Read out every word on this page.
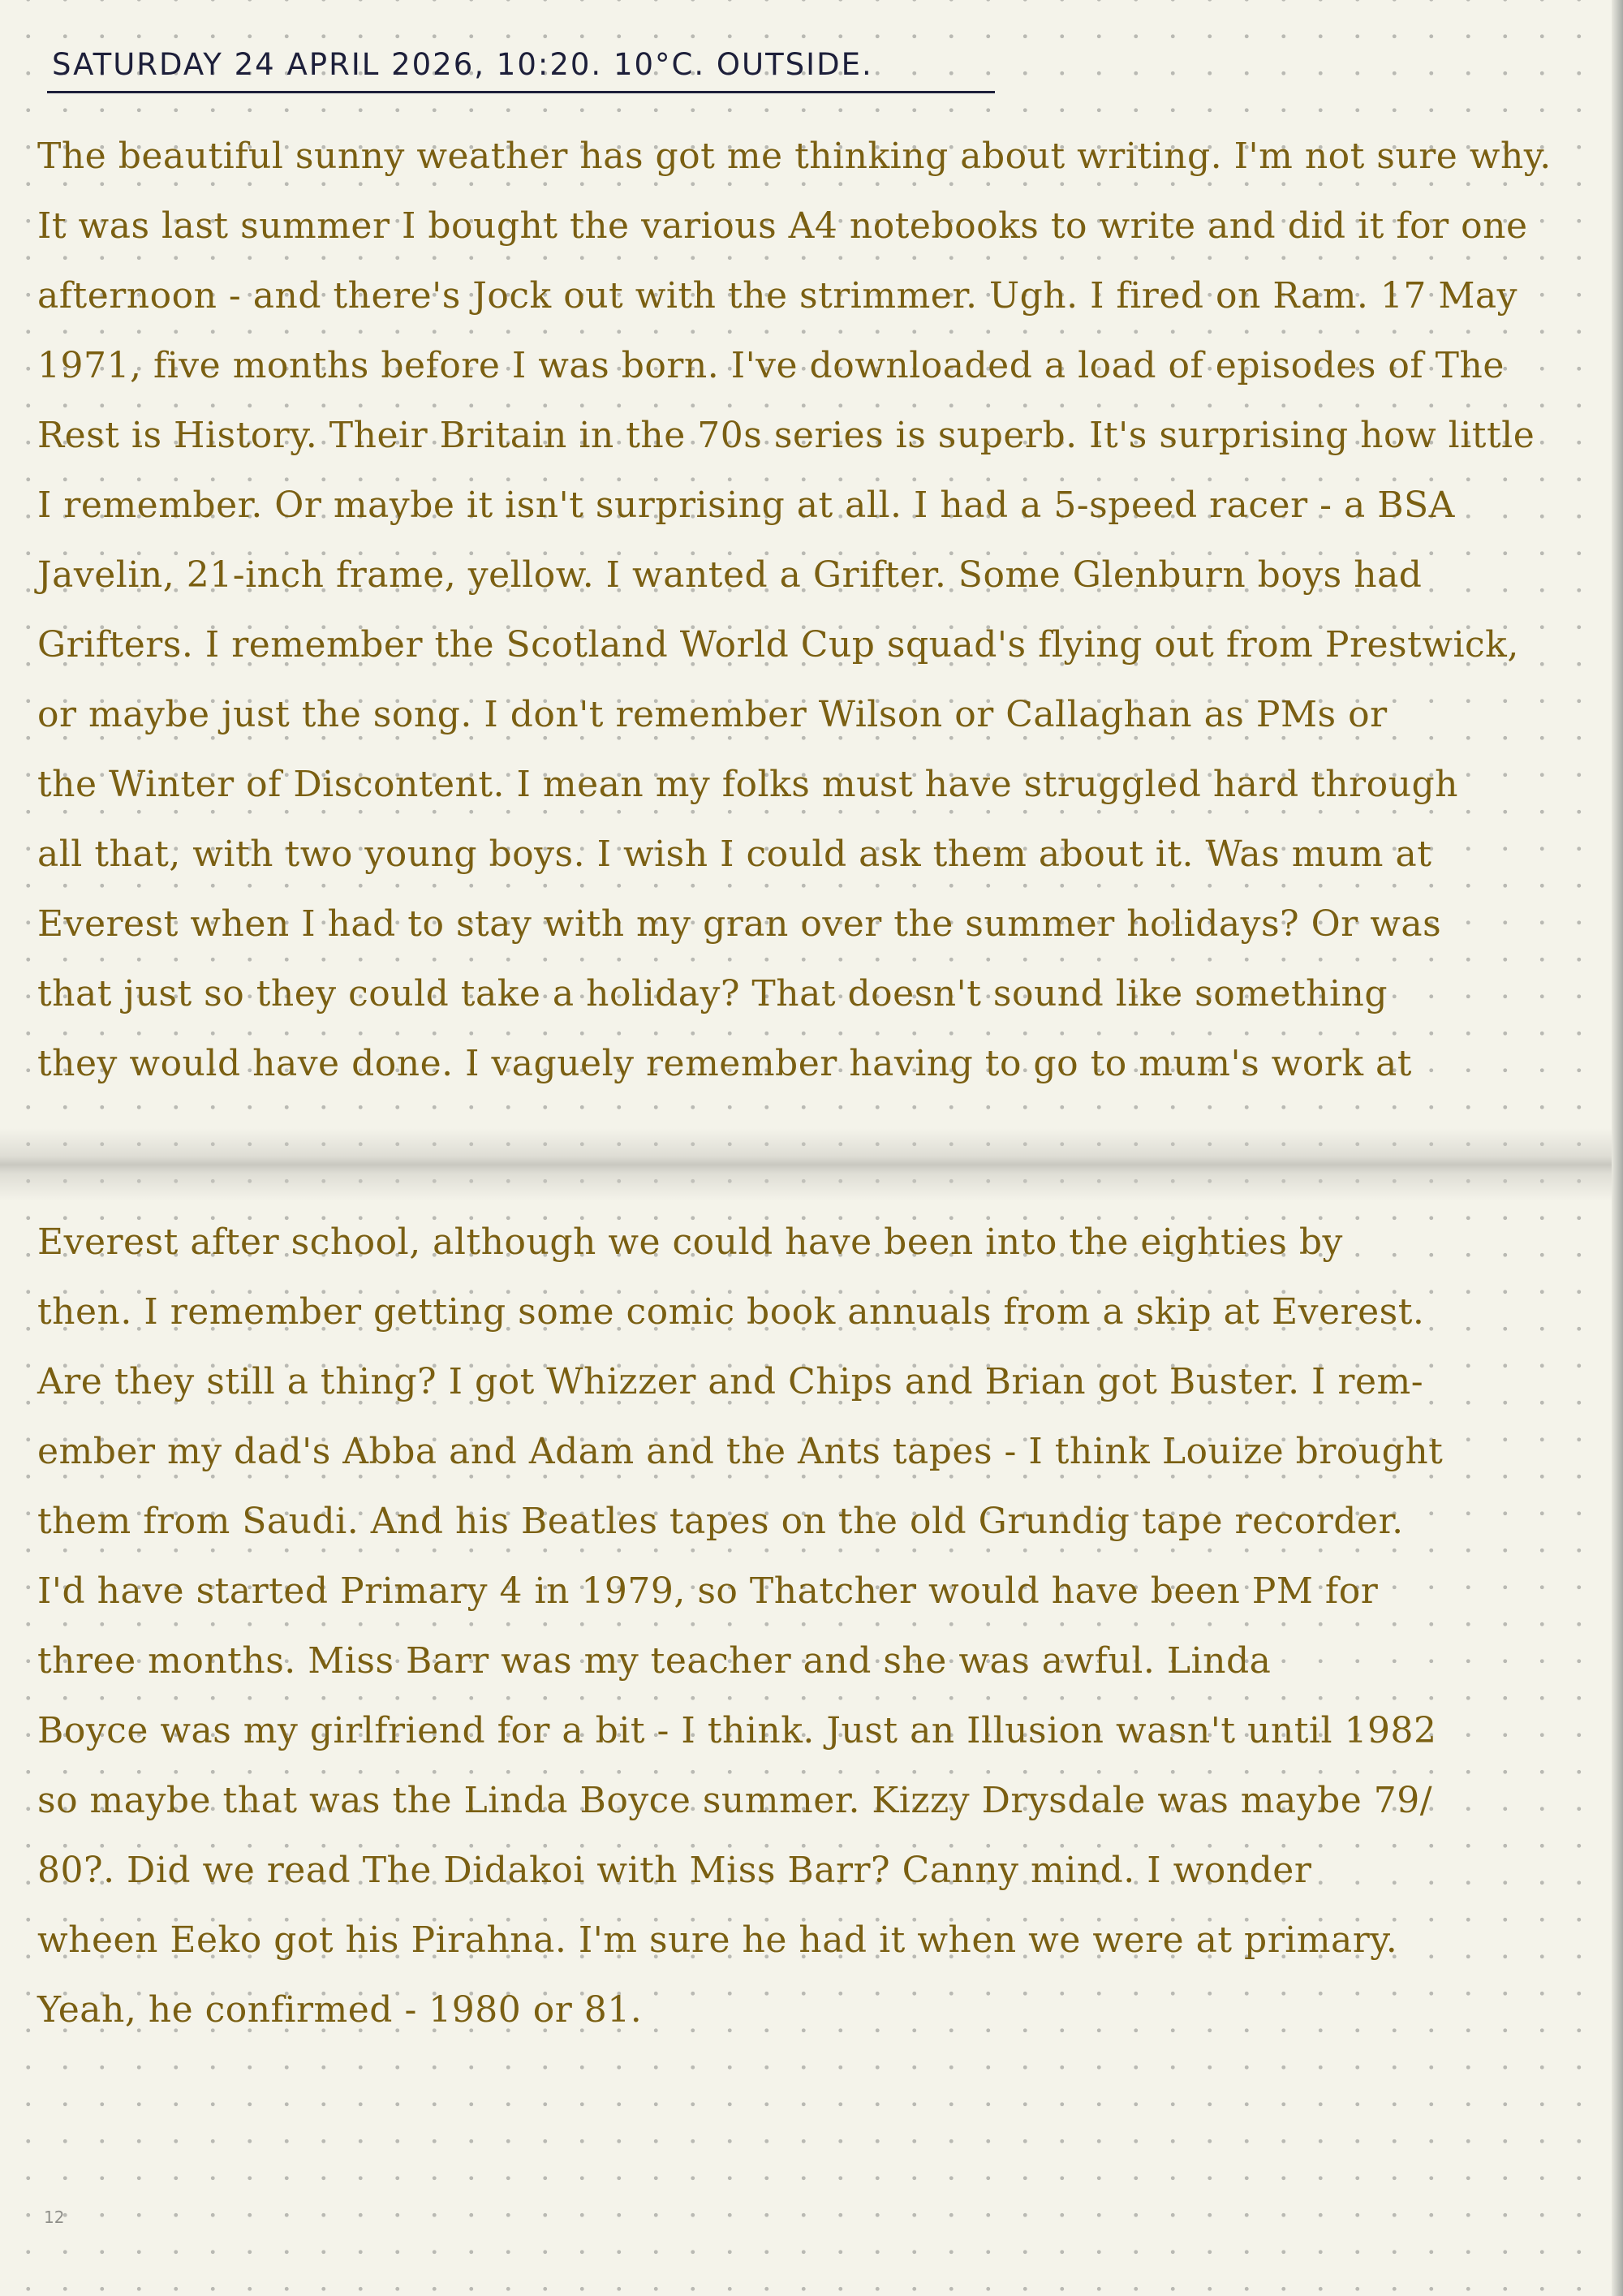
SATURDAY 24 APRIL 2026, 10:20. 10°C. OUTSIDE.
The beautiful sunny weather has got me thinking about writing. I'm not sure why.
It was last summer I bought the various A4 notebooks to write and did it for one
afternoon - and there's Jock out with the strimmer. Ugh. I fired on Ram. 17 May
1971, five months before I was born. I've downloaded a load of episodes of The
Rest is History. Their Britain in the 70s series is superb. It's surprising how little
I remember. Or maybe it isn't surprising at all. I had a 5-speed racer - a BSA
Javelin, 21-inch frame, yellow. I wanted a Grifter. Some Glenburn boys had
Grifters. I remember the Scotland World Cup squad's flying out from Prestwick,
or maybe just the song. I don't remember Wilson or Callaghan as PMs or
the Winter of Discontent. I mean my folks must have struggled hard through
all that, with two young boys. I wish I could ask them about it. Was mum at
Everest when I had to stay with my gran over the summer holidays? Or was
that just so they could take a holiday? That doesn't sound like something
they would have done. I vaguely remember having to go to mum's work at
Everest after school, although we could have been into the eighties by
then. I remember getting some comic book annuals from a skip at Everest.
Are they still a thing? I got Whizzer and Chips and Brian got Buster. I rem-
ember my dad's Abba and Adam and the Ants tapes - I think Louize brought
them from Saudi. And his Beatles tapes on the old Grundig tape recorder.
I'd have started Primary 4 in 1979, so Thatcher would have been PM for
three months. Miss Barr was my teacher and she was awful. Linda
Boyce was my girlfriend for a bit - I think. Just an Illusion wasn't until 1982
so maybe that was the Linda Boyce summer. Kizzy Drysdale was maybe 79/
80?. Did we read The Didakoi with Miss Barr? Canny mind. I wonder
wheen Eeko got his Pirahna. I'm sure he had it when we were at primary.
Yeah, he confirmed - 1980 or 81.
12
